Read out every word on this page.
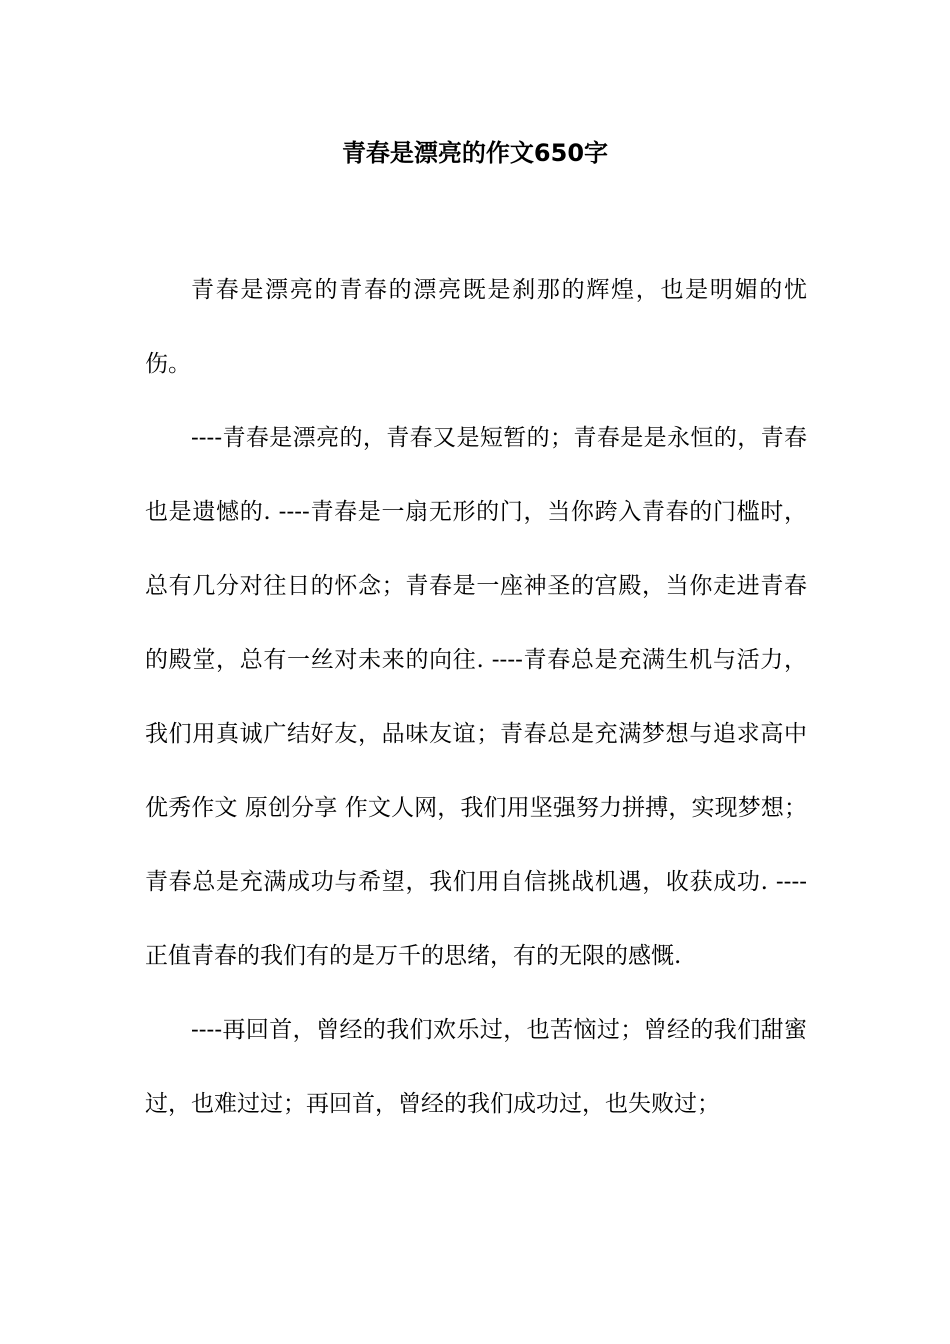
青春是漂亮的作文650字

青春是漂亮的青春的漂亮既是刹那的辉煌，也是明媚的忧伤。

----青春是漂亮的，青春又是短暂的；青春是是永恒的，青春也是遗憾的. ----青春是一扇无形的门，当你跨入青春的门槛时，总有几分对往日的怀念；青春是一座神圣的宫殿，当你走进青春的殿堂，总有一丝对未来的向往. ----青春总是充满生机与活力，我们用真诚广结好友，品味友谊；青春总是充满梦想与追求高中优秀作文 原创分享 作文人网，我们用坚强努力拼搏，实现梦想；青春总是充满成功与希望，我们用自信挑战机遇，收获成功. ----正值青春的我们有的是万千的思绪，有的无限的感慨.

----再回首，曾经的我们欢乐过，也苦恼过；曾经的我们甜蜜过，也难过过；再回首，曾经的我们成功过，也失败过；
